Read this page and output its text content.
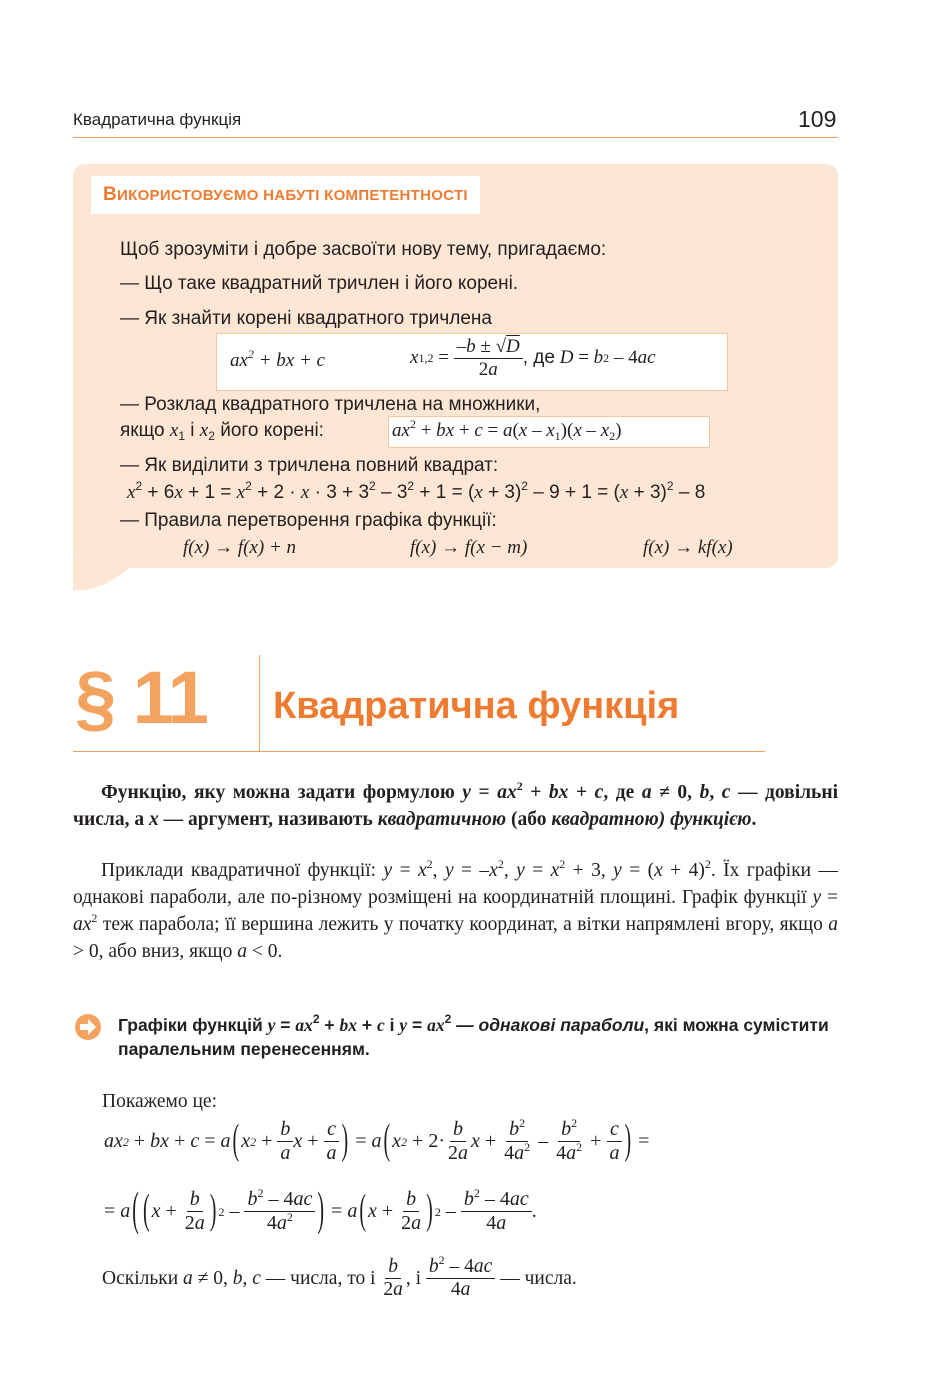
Квадратична функція	109
В ИКОРИСТОВУЄМО НАБУТІ КОМПЕТЕНТНОСТІ
Щоб зрозуміти і добре засвоїти нову тему, пригадаємо:
— Що таке квадратний тричлен і його корені.
— Як знайти корені квадратного тричлена
$ax^2$ + bx + c	x $1,2 = \frac{-b \pm √D}{2a}$ , де
D = b 2 – 4 ac
— Розклад квадратного тричлена на множники,
якщо $x_1$ і $x_2$ його корені:	$ax^2$ + bx + $c = a(x - x_1)(x - x_2)$
— Як виділити з тричлена повний квадрат:
$x^2 + 6x + 1 = x^2 + 2 \cdot x \cdot 3 + 3^2 - 3^2 + 1 = (x + 3)^2 - 9 + 1 = (x + 3)^2 - 8$
— Правила перетворення графіка функції:
f(x) → f(x) + n	f(x) → f(x − m)	f(x) → kf(x)
§ 11 Квадратична функція
Функцію, яку можна задати формулою $y = ax^2$ + bx + c, де a ≠ 0, b, c — довільні числа, а x — аргумент, називають квадратичною (або квадратною) функцією.
Приклади квадратичної функції: $y = x^2$, $y = -x^2$, $y = x^2 + 3$, $y = (x + 4)^2$. Їх графіки — однакові параболи, але по-різному розміщені на координатній площині. Графік функції $y = ax^2$ теж парабола; її вершина лежить у початку координат, а вітки напрямлені вгору, якщо a > 0, або вниз, якщо a < 0.
Графіки функцій $y = ax^2$ + bx + c і $y = ax^2$ — однакові параболи, які можна сумістити паралельним перенесенням.
Покажемо це:
ax 2
+
bx
+
c
=
a ( x 2
+
$\frac{b}{a}$ x
+
$\frac{c}{a}$ )
=
a ( x 2
+ $2\cdot \frac{b}{2a}$ x
+
$\frac{b^2}{4a^2}$
–
$\frac{b^2}{4a^2}$
+
$\frac{c}{a}$ )
=
=
a ( ( x
+
$\frac{b}{2a}$ ) 2
–
$\frac{b^2 - 4ac}{4a^2}$ )
=
a ( x
+
$\frac{b}{2a}$ ) 2
–
$\frac{b^2 - 4ac}{4a}$ .
Оскільки
a ≠ 0, b , c
— числа, то і
$\frac{b}{2a}$ , і
$\frac{b^2 - 4ac}{4a}$
— числа.
